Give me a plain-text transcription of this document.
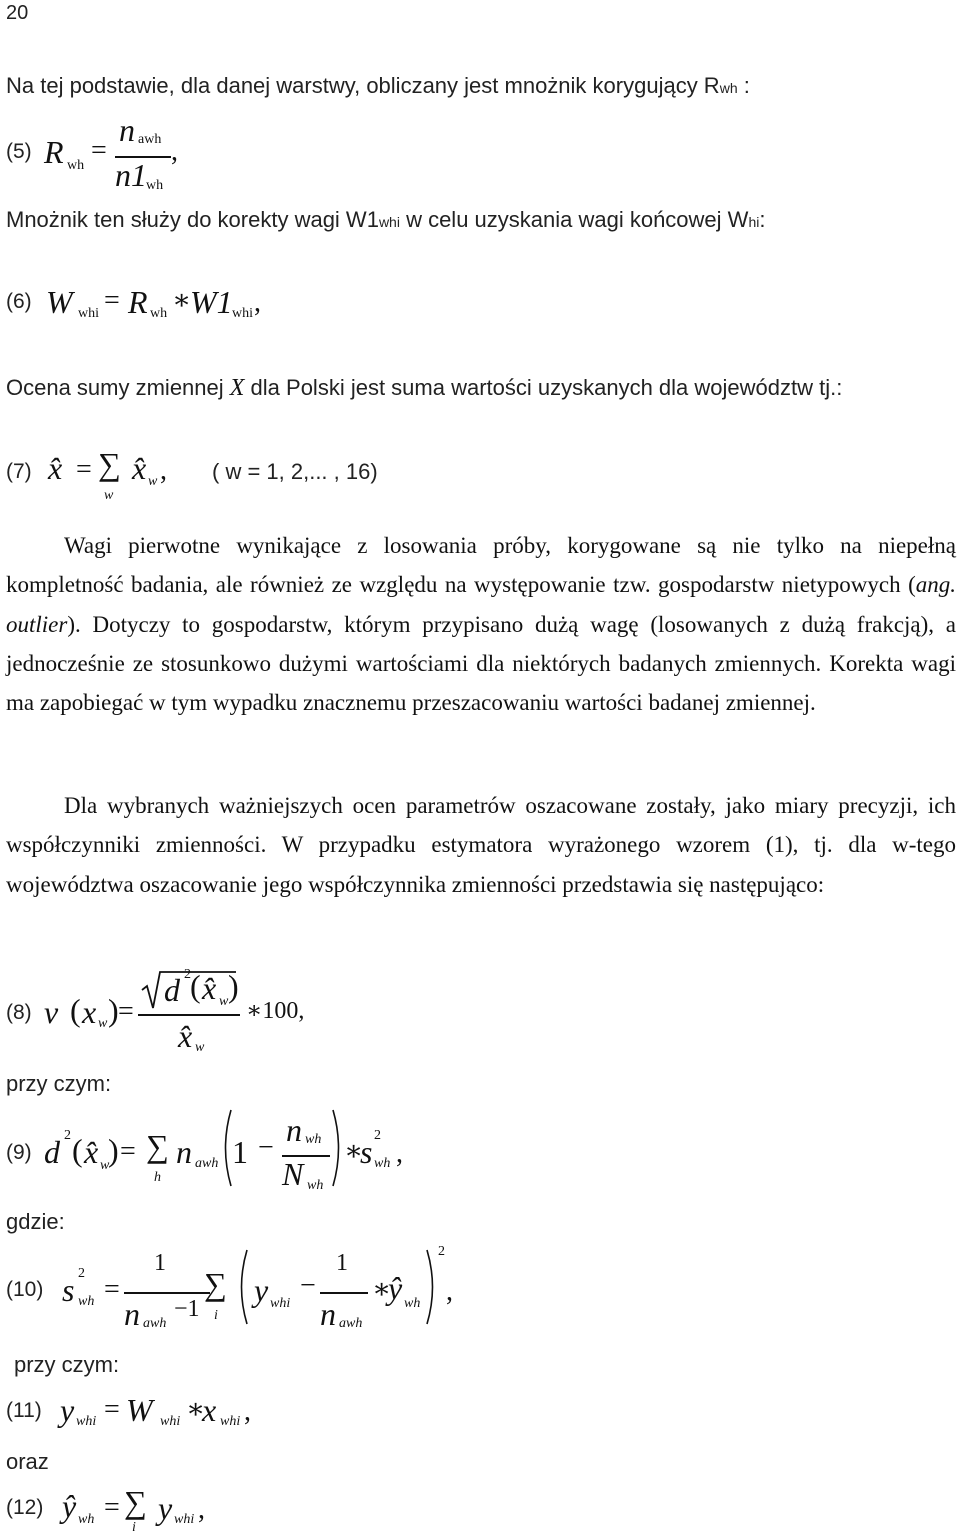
20
Na tej podstawie, dla danej warstwy, obliczany jest mnożnik korygujący Rwh :
(5) R wh =
n awh
n1 wh
,
Mnożnik ten służy do korekty wagi W1whi w celu uzyskania wagi końcowej Whi:
(6) W whi = R wh ∗
W1 whi ,
Ocena sumy zmiennej X dla Polski jest suma wartości uzyskanych dla województw tj.:
(7) x̂ = ∑
w
x̂ w , ( w = 1, 2,... , 16)
Wagi pierwotne wynikające z losowania próby, korygowane są nie tylko na niepełną kompletność badania, ale również ze względu na występowanie tzw. gospodarstw nietypowych (ang. outlier). Dotyczy to gospodarstw, którym przypisano dużą wagę (losowanych z dużą frakcją), a jednocześnie ze stosunkowo dużymi wartościami dla niektórych badanych zmiennych. Korekta wagi ma zapobiegać w tym wypadku znacznemu przeszacowaniu wartości badanej zmiennej.
Dla wybranych ważniejszych ocen parametrów oszacowane zostały, jako miary precyzji, ich współczynniki zmienności. W przypadku estymatora wyrażonego wzorem (1), tj. dla w-tego województwa oszacowanie jego współczynnika zmienności przedstawia się następująco:
(8) v ( x w ) =
d 2 ( x̂ w )
x̂ w
∗100,
przy czym:
(9) d 2 ( x̂ w
) = ∑
h
n awh 1 − n wh
N wh
∗
s 2
wh ,
gdzie:
(10) s 2
wh =
1
n awh
−1
∑
i
y whi
−
1
n awh
∗
ŷ wh
2
,
przy czym:
(11) y whi = W whi ∗
x whi ,
oraz
(12) ŷ wh = ∑
i
y whi ,
